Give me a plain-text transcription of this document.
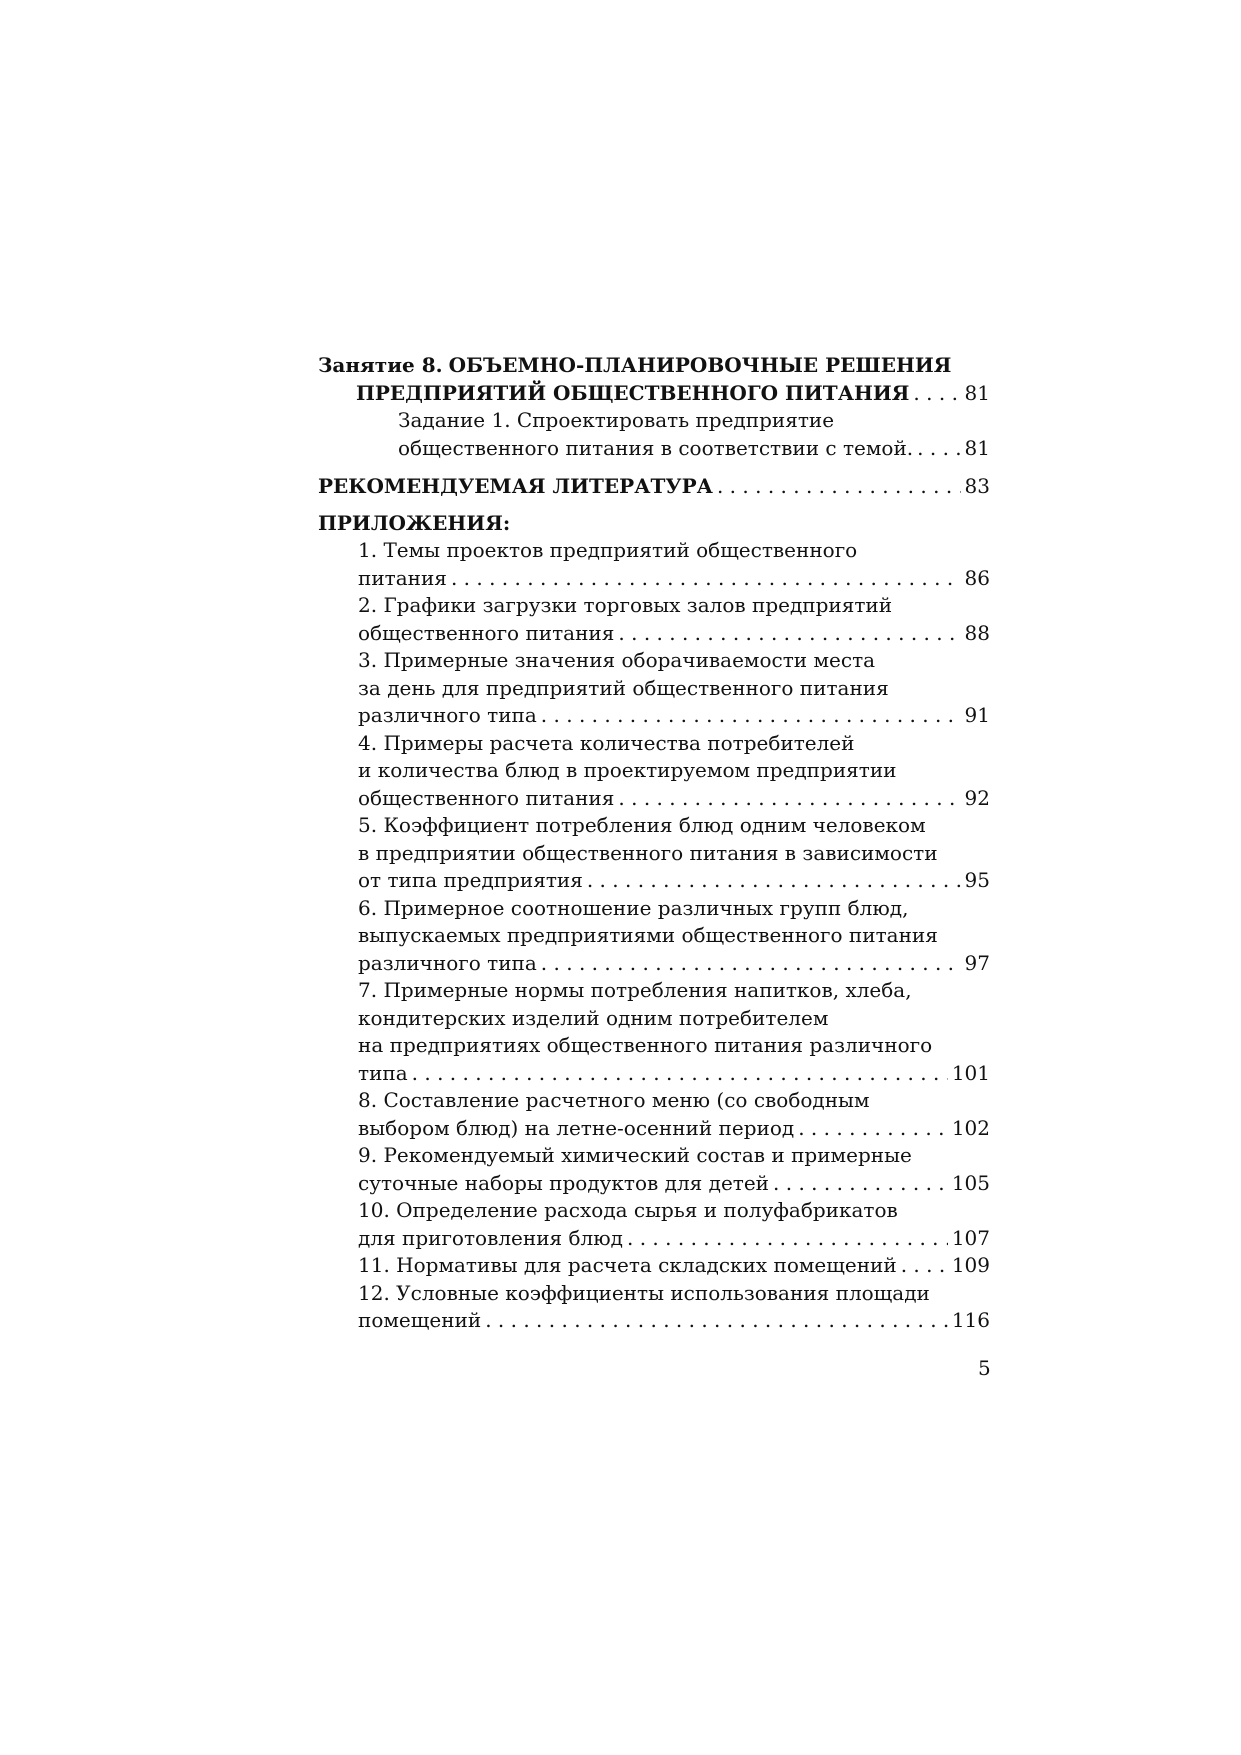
Занятие 8. ОБЪЕМНО-ПЛАНИРОВОЧНЫЕ РЕШЕНИЯ
ПРЕДПРИЯТИЙ ОБЩЕСТВЕННОГО ПИТАНИЯ . . .	81
Задание 1. Спроектировать предприятие
общественного питания в соответствии с темой. . . .	81
РЕКОМЕНДУЕМАЯ ЛИТЕРАТУРА . . .	83
ПРИЛОЖЕНИЯ:
1. Темы проектов предприятий общественного
питания . . .	86
2. Графики загрузки торговых залов предприятий
общественного питания . . .	88
3. Примерные значения оборачиваемости места
за день для предприятий общественного питания
различного типа . . .	91
4. Примеры расчета количества потребителей
и количества блюд в проектируемом предприятии
общественного питания . . .	92
5. Коэффициент потребления блюд одним человеком
в предприятии общественного питания в зависимости
от типа предприятия . . .	95
6. Примерное соотношение различных групп блюд,
выпускаемых предприятиями общественного питания
различного типа . . .	97
7. Примерные нормы потребления напитков, хлеба,
кондитерских изделий одним потребителем
на предприятиях общественного питания различного
типа . . .	101
8. Составление расчетного меню (со свободным
выбором блюд) на летне-осенний период . . .	102
9. Рекомендуемый химический состав и примерные
суточные наборы продуктов для детей . . .	105
10. Определение расхода сырья и полуфабрикатов
для приготовления блюд . . .	107
11. Нормативы для расчета складских помещений . . .	109
12. Условные коэффициенты использования площади
помещений . . .	116
5
